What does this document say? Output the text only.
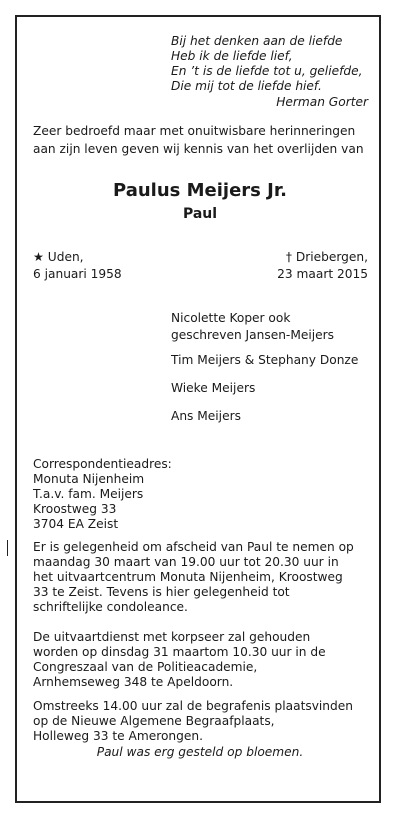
Bij het denken aan de liefde
Heb ik de liefde lief,
En ’t is de liefde tot u, geliefde,
Die mij tot de liefde hief.
Herman Gorter
Zeer bedroefd maar met onuitwisbare herinneringen
aan zijn leven geven wij kennis van het overlijden van
Paulus Meijers Jr.
Paul
★ Uden,
6 januari 1958
† Driebergen,
23 maart 2015
Nicolette Koper ook
geschreven Jansen-Meijers
Tim Meijers & Stephany Donze
Wieke Meijers
Ans Meijers
Correspondentieadres:
Monuta Nijenheim
T.a.v. fam. Meijers
Kroostweg 33
3704 EA Zeist
Er is gelegenheid om afscheid van Paul te nemen op
maandag 30 maart van 19.00 uur tot 20.30 uur in
het uitvaartcentrum Monuta Nijenheim, Kroostweg
33 te Zeist. Tevens is hier gelegenheid tot
schriftelijke condoleance.
De uitvaartdienst met korpseer zal gehouden
worden op dinsdag 31 maartom 10.30 uur in de
Congreszaal van de Politieacademie,
Arnhemseweg 348 te Apeldoorn.
Omstreeks 14.00 uur zal de begrafenis plaatsvinden
op de Nieuwe Algemene Begraafplaats,
Holleweg 33 te Amerongen.
Paul was erg gesteld op bloemen.
